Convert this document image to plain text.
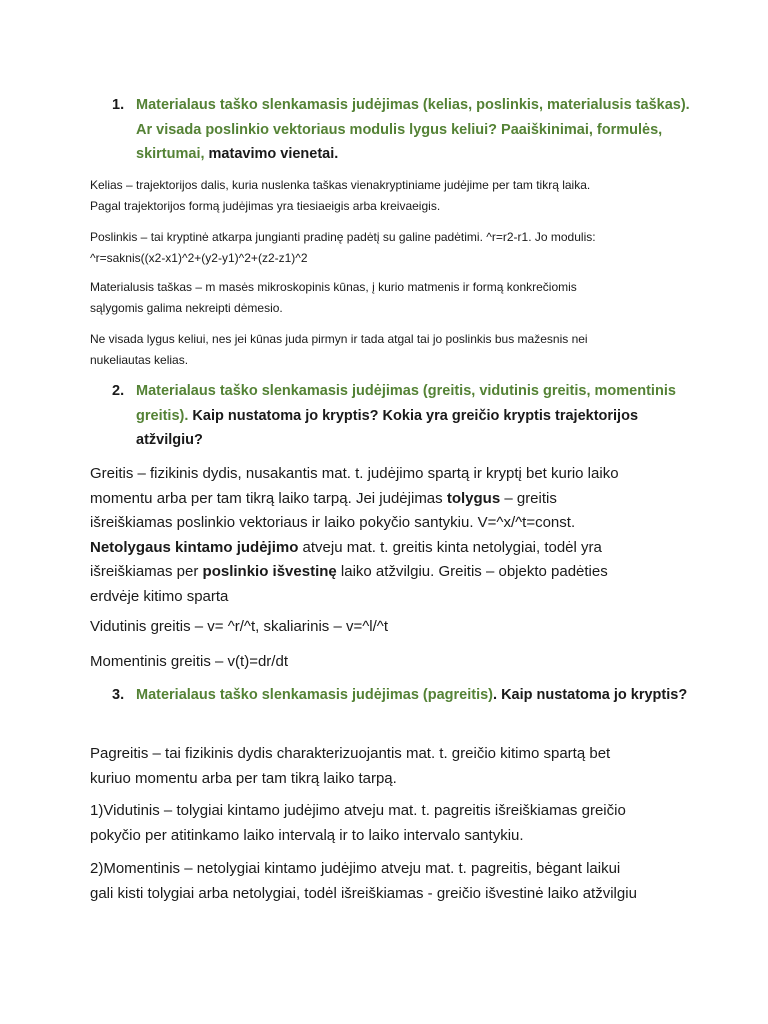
1. Materialaus taško slenkamasis judėjimas (kelias, poslinkis, materialusis taškas). Ar visada poslinkio vektoriaus modulis lygus keliui? Paaiškinimai, formulės, skirtumai, matavimo vienetai.
Kelias – trajektorijos dalis, kuria nuslenka taškas vienakryptiniame judėjime per tam tikrą laika.
Pagal trajektorijos formą judėjimas yra tiesiaeigis arba kreivaeigis.
Poslinkis – tai kryptinė atkarpa jungianti pradinę padėtį su galine padėtimi. ^r=r2-r1. Jo modulis:
^r=saknis((x2-x1)^2+(y2-y1)^2+(z2-z1)^2
Materialusis taškas – m masės mikroskopinis kūnas, į kurio matmenis ir formą konkrečiomis
sąlygomis galima nekreipti dėmesio.
Ne visada lygus keliui, nes jei kūnas juda pirmyn ir tada atgal tai jo poslinkis bus mažesnis nei
nukeliautas kelias.
2. Materialaus taško slenkamasis judėjimas (greitis, vidutinis greitis, momentinis greitis). Kaip nustatoma jo kryptis? Kokia yra greičio kryptis trajektorijos atžvilgiu?
Greitis – fizikinis dydis, nusakantis mat. t. judėjimo spartą ir kryptį bet kurio laiko
momentu arba per tam tikrą laiko tarpą. Jei judėjimas tolygus – greitis
išreiškiamas poslinkio vektoriaus ir laiko pokyčio santykiu. V=^x/^t=const.
Netolygaus kintamo judėjimo atveju mat. t. greitis kinta netolygiai, todėl yra
išreiškiamas per poslinkio išvestinę laiko atžvilgiu. Greitis – objekto padėties
erdvėje kitimo sparta
Vidutinis greitis – v= ^r/^t, skaliarinis – v=^l/^t
Momentinis greitis – v(t)=dr/dt
3. Materialaus taško slenkamasis judėjimas (pagreitis). Kaip nustatoma jo kryptis?
Pagreitis – tai fizikinis dydis charakterizuojantis mat. t. greičio kitimo spartą bet
kuriuo momentu arba per tam tikrą laiko tarpą.
1)Vidutinis – tolygiai kintamo judėjimo atveju mat. t. pagreitis išreiškiamas greičio
pokyčio per atitinkamo laiko intervalą ir to laiko intervalo santykiu.
2)Momentinis – netolygiai kintamo judėjimo atveju mat. t. pagreitis, bėgant laikui
gali kisti tolygiai arba netolygiai, todėl išreiškiamas - greičio išvestinė laiko atžvilgiu
